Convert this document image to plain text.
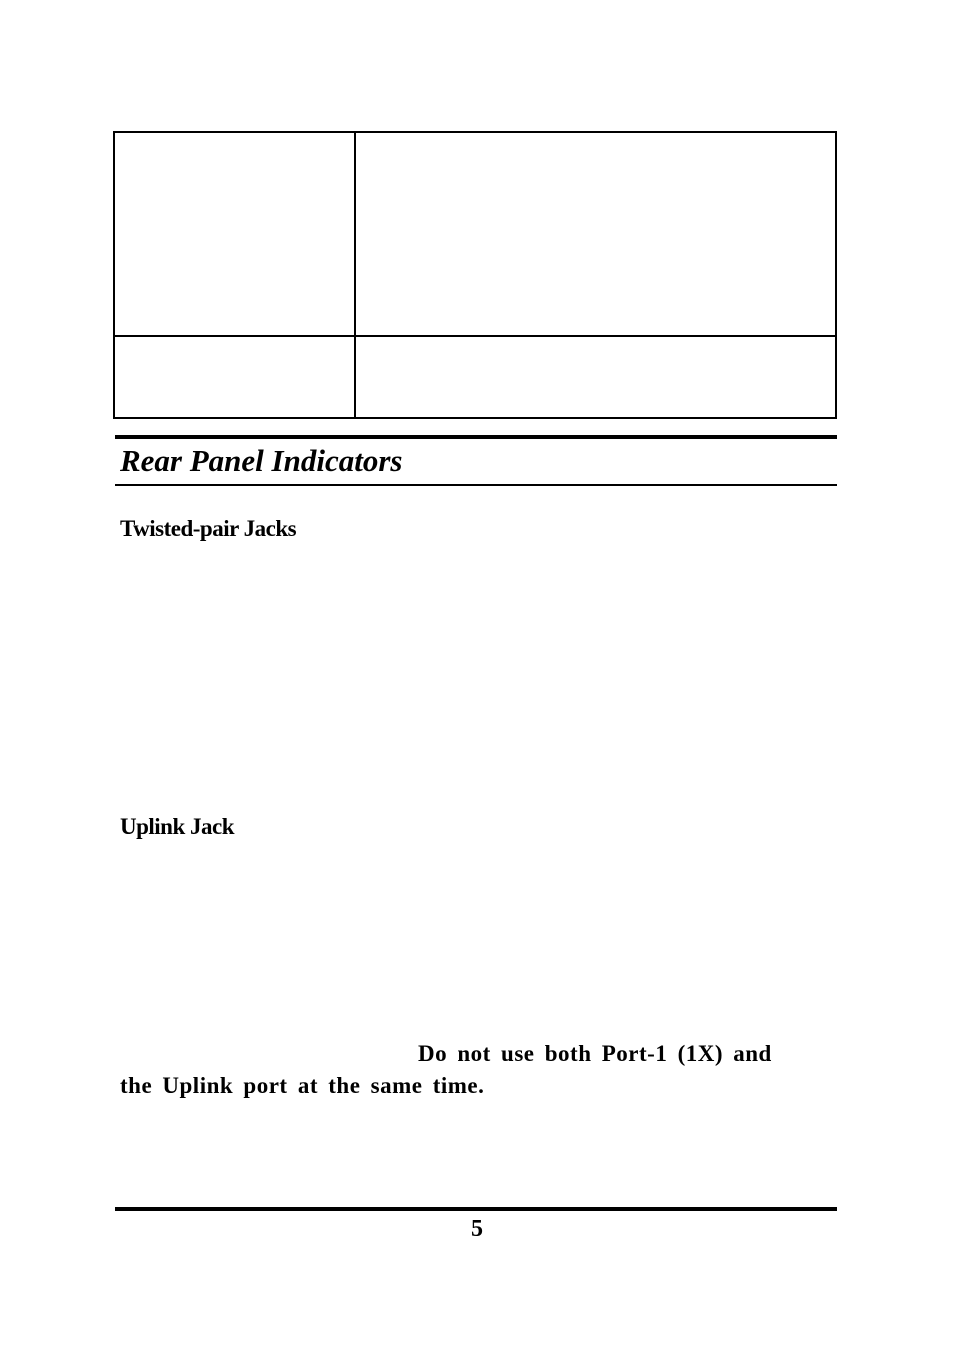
Rear Panel Indicators
Twisted-pair Jacks
Uplink Jack
Do not use both Port-1 (1X) and
the Uplink port at the same time.
5
